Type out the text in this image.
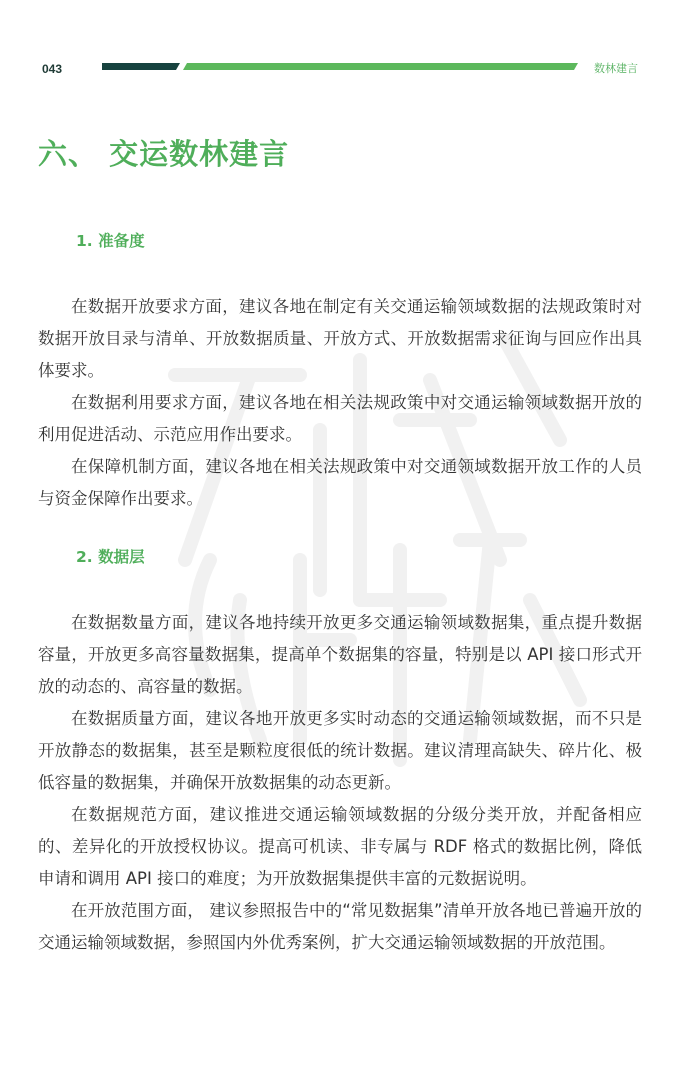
043	数林建言
六、 交运数林建言
1. 准备度

在数据开放要求方面，建议各地在制定有关交通运输领域数据的法规政策时对数据开放目录与清单、开放数据质量、开放方式、开放数据需求征询与回应作出具体要求。

在数据利用要求方面，建议各地在相关法规政策中对交通运输领域数据开放的利用促进活动、示范应用作出要求。

在保障机制方面，建议各地在相关法规政策中对交通领域数据开放工作的人员与资金保障作出要求。

2. 数据层

在数据数量方面，建议各地持续开放更多交通运输领域数据集，重点提升数据容量，开放更多高容量数据集，提高单个数据集的容量，特别是以 API 接口形式开放的动态的、高容量的数据。

在数据质量方面，建议各地开放更多实时动态的交通运输领域数据，而不只是开放静态的数据集，甚至是颗粒度很低的统计数据。建议清理高缺失、碎片化、极低容量的数据集，并确保开放数据集的动态更新。

在数据规范方面，建议推进交通运输领域数据的分级分类开放，并配备相应的、差异化的开放授权协议。提高可机读、非专属与 RDF 格式的数据比例，降低申请和调用 API 接口的难度；为开放数据集提供丰富的元数据说明。

在开放范围方面， 建议参照报告中的“常见数据集”清单开放各地已普遍开放的交通运输领域数据，参照国内外优秀案例，扩大交通运输领域数据的开放范围。
